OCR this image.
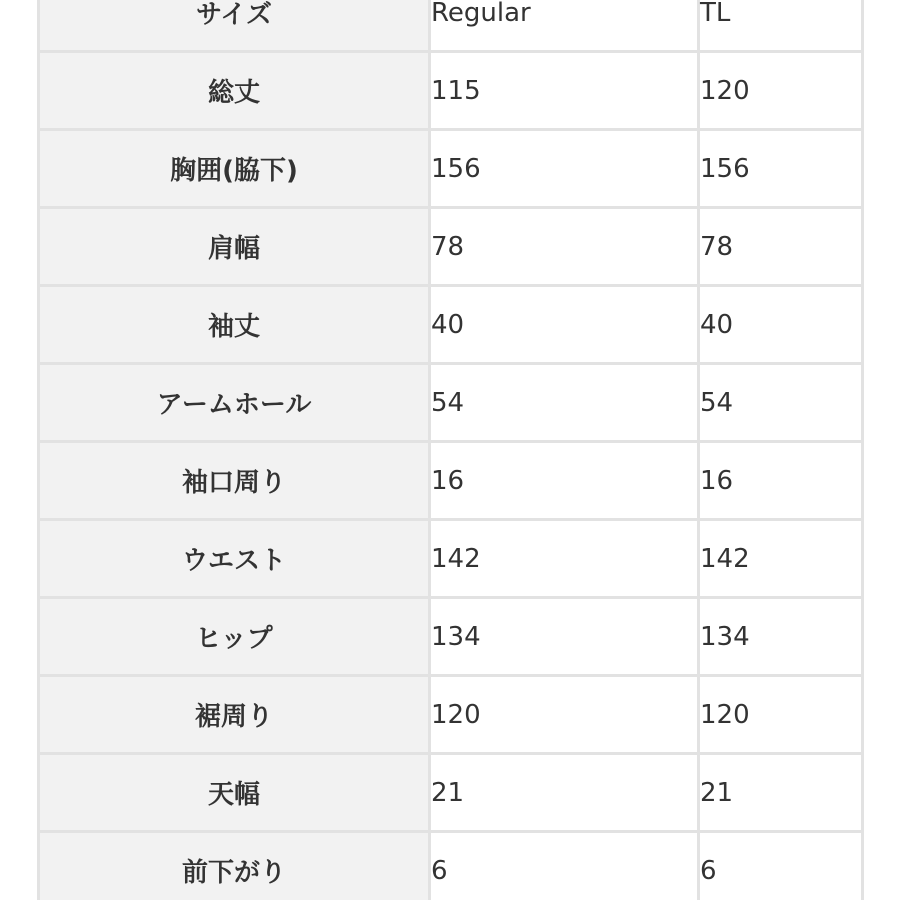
サイズ	Regular	TL
総丈	115	120
胸囲(脇下)	156	156
肩幅	78	78
袖丈	40	40
アームホール	54	54
袖口周り	16	16
ウエスト	142	142
ヒップ	134	134
裾周り	120	120
天幅	21	21
前下がり	6	6
